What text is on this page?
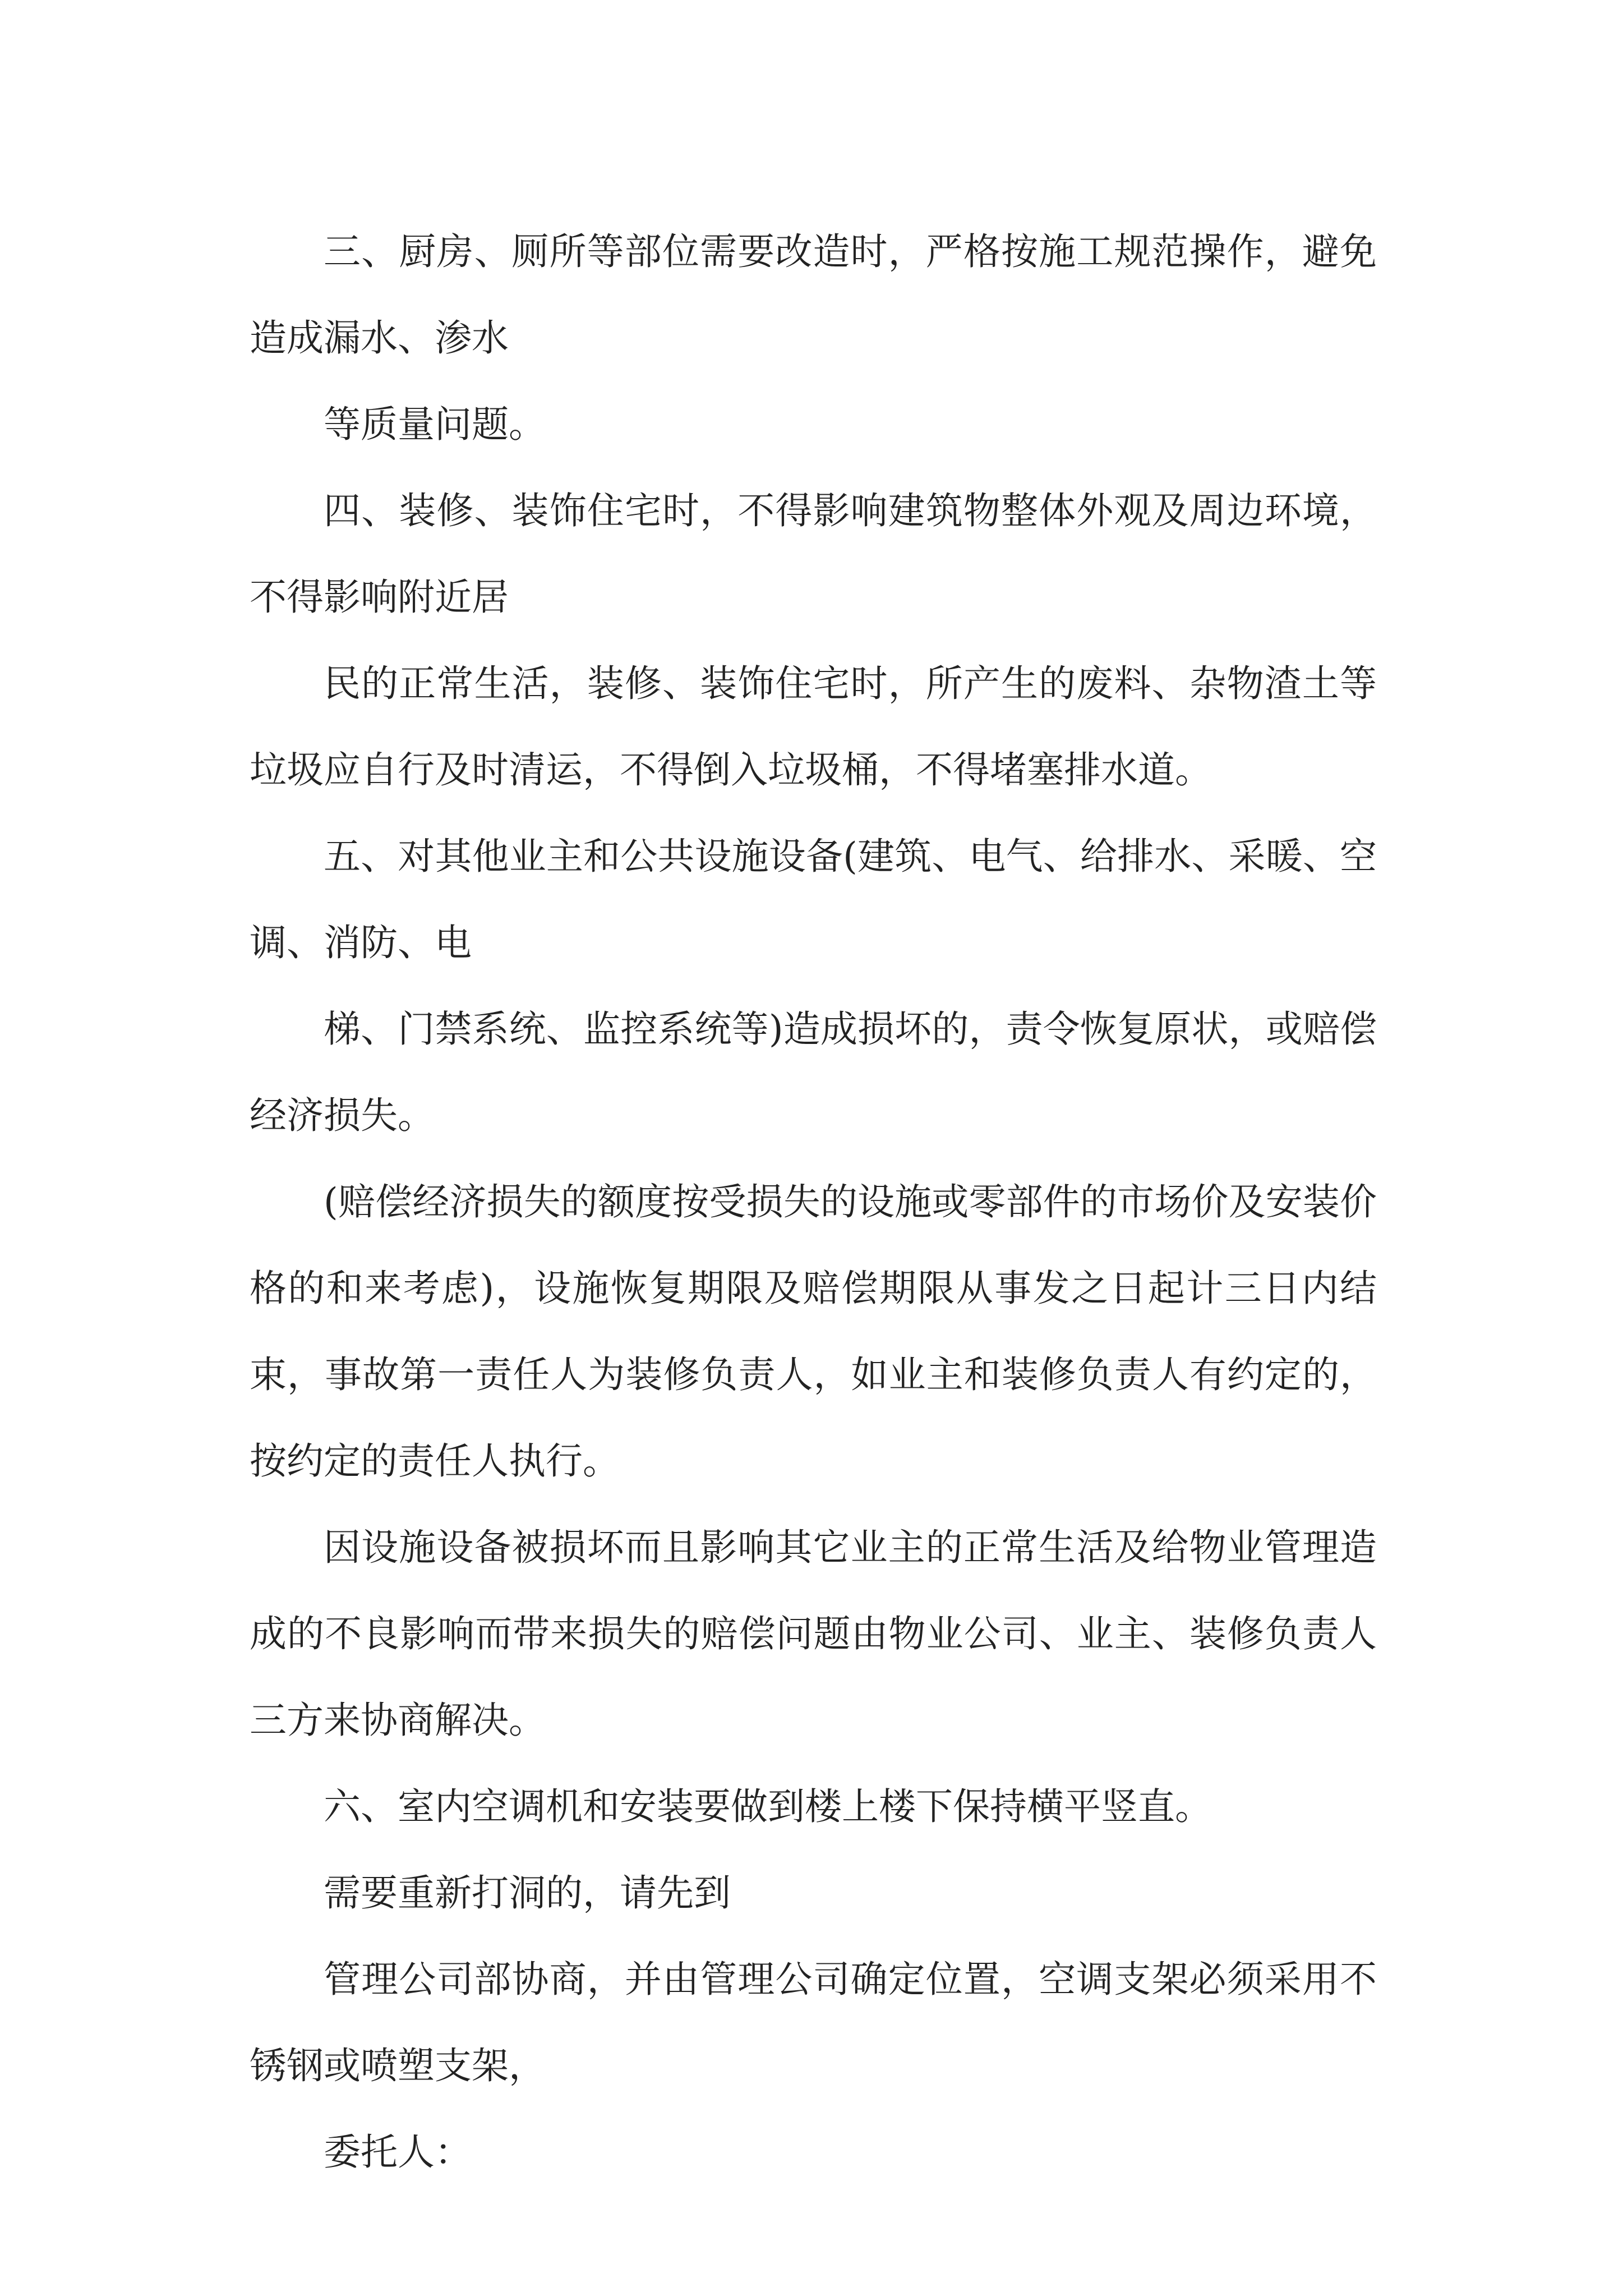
三、厨房、厕所等部位需要改造时，严格按施工规范操作，避免造成漏水、渗水

等质量问题。

四、装修、装饰住宅时，不得影响建筑物整体外观及周边环境，不得影响附近居

民的正常生活，装修、装饰住宅时，所产生的废料、杂物渣土等垃圾应自行及时清运，不得倒入垃圾桶，不得堵塞排水道。

五、对其他业主和公共设施设备(建筑、电气、给排水、采暖、空调、消防、电

梯、门禁系统、监控系统等)造成损坏的，责令恢复原状，或赔偿经济损失。

(赔偿经济损失的额度按受损失的设施或零部件的市场价及安装价格的和来考虑)，设施恢复期限及赔偿期限从事发之日起计三日内结束，事故第一责任人为装修负责人，如业主和装修负责人有约定的，按约定的责任人执行。

因设施设备被损坏而且影响其它业主的正常生活及给物业管理造成的不良影响而带来损失的赔偿问题由物业公司、业主、装修负责人三方来协商解决。

六、室内空调机和安装要做到楼上楼下保持横平竖直。

需要重新打洞的，请先到

管理公司部协商，并由管理公司确定位置，空调支架必须采用不锈钢或喷塑支架，

委托人：
